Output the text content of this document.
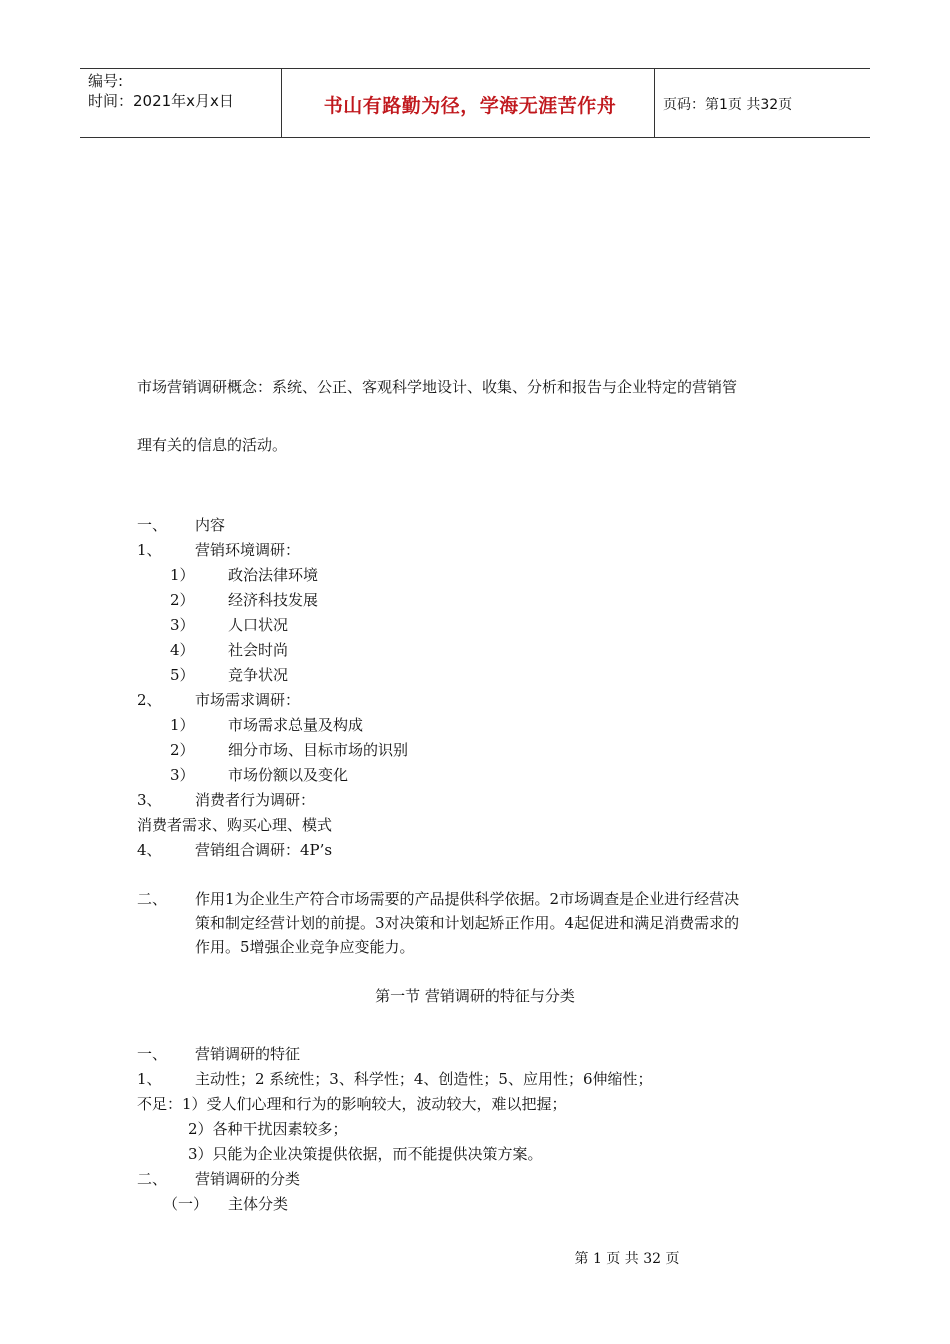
编号:
时间：2021年x月x日	书山有路勤为径，学海无涯苦作舟	页码：第1页 共32页
市场营销调研概念：系统、公正、客观科学地设计、收集、分析和报告与企业特定的营销管
理有关的信息的活动。
一、 内容
1、 营销环境调研：
1） 政治法律环境
2） 经济科技发展
3） 人口状况
4） 社会时尚
5） 竞争状况
2、 市场需求调研：
1） 市场需求总量及构成
2） 细分市场、目标市场的识别
3） 市场份额以及变化
3、 消费者行为调研：
消费者需求、购买心理、模式
4、 营销组合调研：4P’s
二、 作用1为企业生产符合市场需要的产品提供科学依据。2市场调查是企业进行经营决
策和制定经营计划的前提。3对决策和计划起矫正作用。4起促进和满足消费需求的
作用。5增强企业竞争应变能力。
第一节 营销调研的特征与分类
一、 营销调研的特征
1、 主动性；2 系统性；3、科学性；4、创造性；5、应用性；6伸缩性；
不足：1）受人们心理和行为的影响较大，波动较大，难以把握；
2）各种干扰因素较多；
3）只能为企业决策提供依据，而不能提供决策方案。
二、 营销调研的分类
（一） 主体分类
第 1 页 共 32 页
